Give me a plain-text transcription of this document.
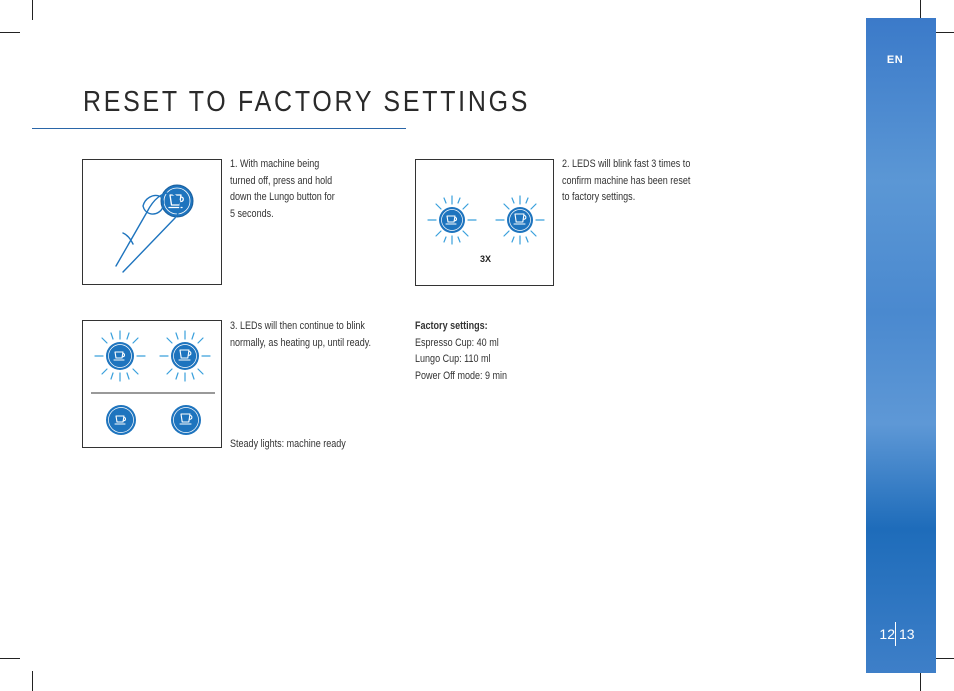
EN
12 13
RESET TO FACTORY SETTINGS
1. With machine being
turned off, press and hold
down the Lungo button for
5 seconds.
3X
2. LEDS will blink fast 3 times to
confirm machine has been reset
to factory settings.
3. LEDs will then continue to blink
normally, as heating up, until ready.
Steady lights: machine ready
Factory settings:
Espresso Cup: 40 ml
Lungo Cup: 110 ml
Power Off mode: 9 min
